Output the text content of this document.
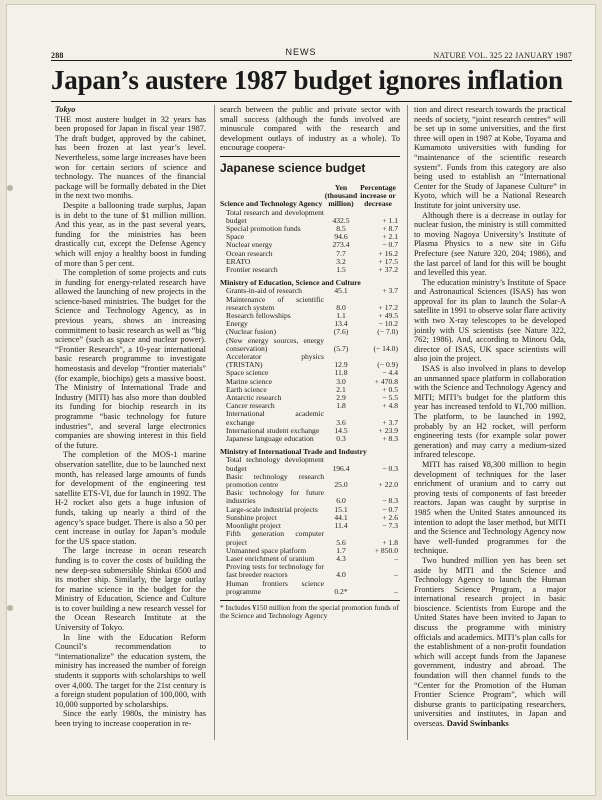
288	NEWS	NATURE VOL. 325 22 JANUARY 1987
Japan’s austere 1987 budget ignores inflation
Tokyo

THE most austere budget in 32 years has been proposed for Japan in fiscal year 1987. The draft budget, approved by the cabinet, has been frozen at last year’s level. Nevertheless, some large increases have been won for certain sectors of science and technology. The nuances of the financial package will be formally debated in the Diet in the next two months.

Despite a ballooning trade surplus, Japan is in debt to the tune of $1 million million. And this year, as in the past several years, funding for the ministries has been drastically cut, except the Defense Agency which will enjoy a healthy boost in funding of more than 5 per cent.

The completion of some projects and cuts in funding for energy-related research have allowed the launching of new projects in the science-based ministries. The budget for the Science and Technology Agency, as in previous years, shows an increasing commitment to basic research as well as “big science” (such as space and nuclear power). “Frontier Research”, a 10-year international basic research programme to investigate homeostasis and develop “frontier materials” (for example, biochips) gets a massive boost. The Ministry of International Trade and Industry (MITI) has also more than doubled its funding for biochip research in its programme “basic technology for future industries”, and several large electronics companies are showing interest in this field of the future.

The completion of the MOS-1 marine observation satellite, due to be launched next month, has released large amounts of funds for development of the engineering test satellite ETS-VI, due for launch in 1992. The H-2 rocket also gets a huge infusion of funds, taking up nearly a third of the agency’s space budget. There is also a 50 per cent increase in outlay for Japan’s module for the US space station.

The large increase in ocean research funding is to cover the costs of building the new deep-sea submersible Shinkai 6500 and its mother ship. Similarly, the large outlay for marine science in the budget for the Ministry of Education, Science and Culture is to cover building a new research vessel for the Ocean Research Institute at the University of Tokyo.

In line with the Education Reform Council’s recommendation to “internationalize” the education system, the ministry has increased the number of foreign students it supports with scholarships to well over 4,000. The target for the 21st century is a foreign student population of 100,000, with 10,000 supported by scholarships.

Since the early 1980s, the ministry has been trying to increase cooperation in re-

search between the public and private sector with small success (although the funds involved are minuscule compared with the research and development outlays of industry as a whole). To encourage coopera-

Japanese science budget
Science and Technology Agency	Yen (thousand million)	Percentage increase or decrease
Total research and development budget	432.5	+ 1.1
Special promotion funds	8.5	+ 8.7
Space	94.6	+ 2.1
Nuclear energy	273.4	− 0.7
Ocean research	7.7	+ 16.2
ERATO	3.2	+ 17.5
Frontier research	1.5	+ 37.2
Ministry of Education, Science and Culture		
Grants-in-aid of research	45.1	+ 3.7
Maintenance of scientific research system	8.0	+ 17.2
Research fellowships	1.1	+ 49.5
Energy	13.4	− 10.2
(Nuclear fusion)	(7.6)	(− 7.0)
(New energy sources, energy conservation)	(5.7)	(− 14.0)
Accelerator physics (TRISTAN)	12.9	(− 0.9)
Space science	11.8	− 4.4
Marine science	3.0	+ 470.8
Earth science	2.1	+ 0.5
Antarctic research	2.9	− 5.5
Cancer research	1.8	+ 4.8
International academic exchange	3.6	+ 3.7
International student exchange	14.5	+ 23.9
Japanese language education	0.3	+ 8.3
Ministry of International Trade and Industry		
Total technology development budget	196.4	− 0.3
Basic technology research promotion centre	25.0	+ 22.0
Basic technology for future industries	6.0	− 8.3
Large-scale industrial projects	15.1	− 0.7
Sunshine project	44.1	+ 2.6
Moonlight project	11.4	− 7.3
Fifth generation computer project	5.6	+ 1.8
Unmanned space platform	1.7	+ 850.0
Laser enrichment of uranium	4.3	–
Proving tests for technology for fast breeder reactors	4.0	–
Human frontiers science programme	0.2*	–
* Includes ¥150 million from the special promotion funds of the Science and Technology Agency

tion and direct research towards the practical needs of society, “joint research centres” will be set up in some universities, and the first three will open in 1987 at Kobe, Toyama and Kumamoto universities with funding for “maintenance of the scientific research system”. Funds from this category are also being used to establish an “International Center for the Study of Japanese Culture” in Kyoto, which will be a National Research Institute for joint university use.

Although there is a decrease in outlay for nuclear fusion, the ministry is still committed to moving Nagoya University’s Institute of Plasma Physics to a new site in Gifu Prefecture (see Nature 320, 204; 1986), and the last parcel of land for this will be bought and levelled this year.

The education ministry’s Institute of Space and Astronautical Sciences (ISAS) has won approval for its plan to launch the Solar-A satellite in 1991 to observe solar flare activity with two X-ray telescopes to be developed jointly with US scientists (see Nature 322, 762; 1986). And, according to Minoru Oda, director of ISAS, UK space scientists will also join the project.

ISAS is also involved in plans to develop an unmanned space platform in collaboration with the Science and Technology Agency and MITI; MITI’s budget for the platform this year has increased tenfold to ¥1,700 million. The platform, to be launched in 1992, probably by an H2 rocket, will perform engineering tests (for example solar power generation) and may carry a medium-sized infrared telescope.

MITI has raised ¥8,300 million to begin development of techniques for the laser enrichment of uranium and to carry out proving tests of components of fast breeder reactors. Japan was caught by surprise in 1985 when the United States announced its intention to adopt the laser method, but MITI and the Science and Technology Agency now have well-funded programmes for the technique.

Two hundred million yen has been set aside by MITI and the Science and Technology Agency to launch the Human Frontiers Science Program, a major international research project in basic bioscience. Scientists from Europe and the United States have been invited to Japan to discuss the programme with ministry officials and academics. MITI’s plan calls for the establishment of a non-profit foundation which will accept funds from the Japanese government, industry and abroad. The foundation will then channel funds to the “Center for the Promotion of the Human Frontier Science Program”, which will disburse grants to participating researchers, universities and institutes, in Japan and overseas. David Swinbanks
